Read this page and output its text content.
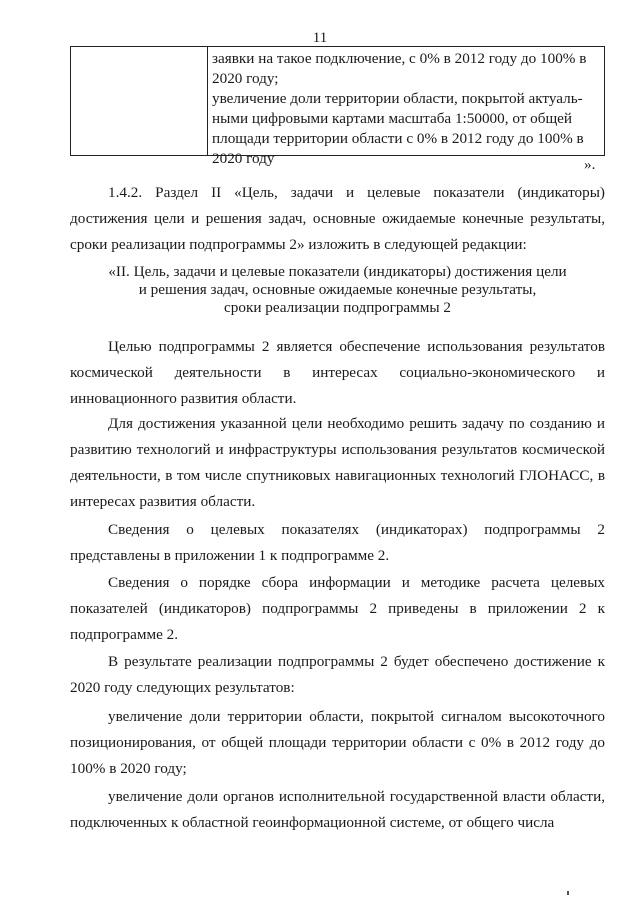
11
заявки на такое подключение, с 0% в 2012 году до 100% в
2020 году;
увеличение доли территории области, покрытой актуаль-
ными цифровыми картами масштаба 1:50000, от общей
площади территории области с 0% в 2012 году до 100% в
2020 году	».

1.4.2. Раздел II «Цель, задачи и целевые показатели (индикаторы) достижения цели и решения задач, основные ожидаемые конечные результаты, сроки реализации подпрограммы 2» изложить в следующей редакции:

«II. Цель, задачи и целевые показатели (индикаторы) достижения цели
и решения задач, основные ожидаемые конечные результаты,
сроки реализации подпрограммы 2

Целью подпрограммы 2 является обеспечение использования результатов космической деятельности в интересах социально-экономического и инновационного развития области.

Для достижения указанной цели необходимо решить задачу по созданию и развитию технологий и инфраструктуры использования результатов космической деятельности, в том числе спутниковых навигационных технологий ГЛОНАСС, в интересах развития области.

Сведения о целевых показателях (индикаторах) подпрограммы 2 представлены в приложении 1 к подпрограмме 2.

Сведения о порядке сбора информации и методике расчета целевых показателей (индикаторов) подпрограммы 2 приведены в приложении 2 к подпрограмме 2.

В результате реализации подпрограммы 2 будет обеспечено достижение к 2020 году следующих результатов:

увеличение доли территории области, покрытой сигналом высокоточного позиционирования, от общей площади территории области с 0% в 2012 году до 100% в 2020 году;

увеличение доли органов исполнительной государственной власти области, подключенных к областной геоинформационной системе, от общего числа
